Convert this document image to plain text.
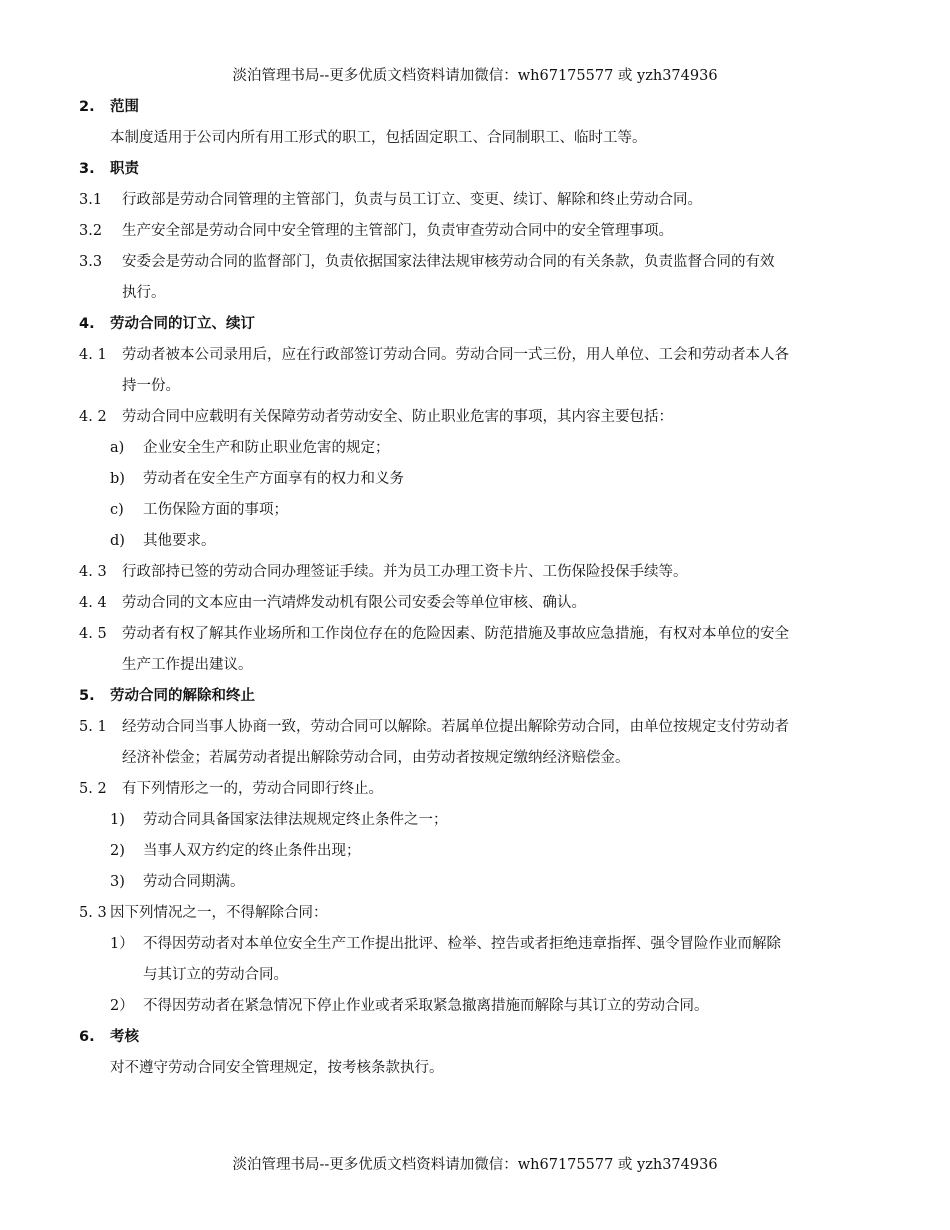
淡泊管理书局--更多优质文档资料请加微信：wh67175577 或 yzh374936
2. 范围
本制度适用于公司内所有用工形式的职工，包括固定职工、合同制职工、临时工等。
3. 职责
3.1 行政部是劳动合同管理的主管部门，负责与员工订立、变更、续订、解除和终止劳动合同。
3.2 生产安全部是劳动合同中安全管理的主管部门，负责审查劳动合同中的安全管理事项。
3.3 安委会是劳动合同的监督部门，负责依据国家法律法规审核劳动合同的有关条款，负责监督合同的有效
执行。
4. 劳动合同的订立、续订
4. 1 劳动者被本公司录用后，应在行政部签订劳动合同。劳动合同一式三份，用人单位、工会和劳动者本人各
持一份。
4. 2 劳动合同中应载明有关保障劳动者劳动安全、防止职业危害的事项，其内容主要包括：
a) 企业安全生产和防止职业危害的规定；
b) 劳动者在安全生产方面享有的权力和义务
c) 工伤保险方面的事项；
d) 其他要求。
4. 3 行政部持已签的劳动合同办理签证手续。并为员工办理工资卡片、工伤保险投保手续等。
4. 4 劳动合同的文本应由一汽靖烨发动机有限公司安委会等单位审核、确认。
4. 5 劳动者有权了解其作业场所和工作岗位存在的危险因素、防范措施及事故应急措施，有权对本单位的安全
生产工作提出建议。
5. 劳动合同的解除和终止
5. 1 经劳动合同当事人协商一致，劳动合同可以解除。若属单位提出解除劳动合同，由单位按规定支付劳动者
经济补偿金；若属劳动者提出解除劳动合同，由劳动者按规定缴纳经济赔偿金。
5. 2 有下列情形之一的，劳动合同即行终止。
1) 劳动合同具备国家法律法规规定终止条件之一；
2) 当事人双方约定的终止条件出现；
3) 劳动合同期满。
5. 3 因下列情况之一，不得解除合同：
1） 不得因劳动者对本单位安全生产工作提出批评、检举、控告或者拒绝违章指挥、强令冒险作业而解除
与其订立的劳动合同。
2） 不得因劳动者在紧急情况下停止作业或者采取紧急撤离措施而解除与其订立的劳动合同。
6. 考核
对不遵守劳动合同安全管理规定，按考核条款执行。
淡泊管理书局--更多优质文档资料请加微信：wh67175577 或 yzh374936
